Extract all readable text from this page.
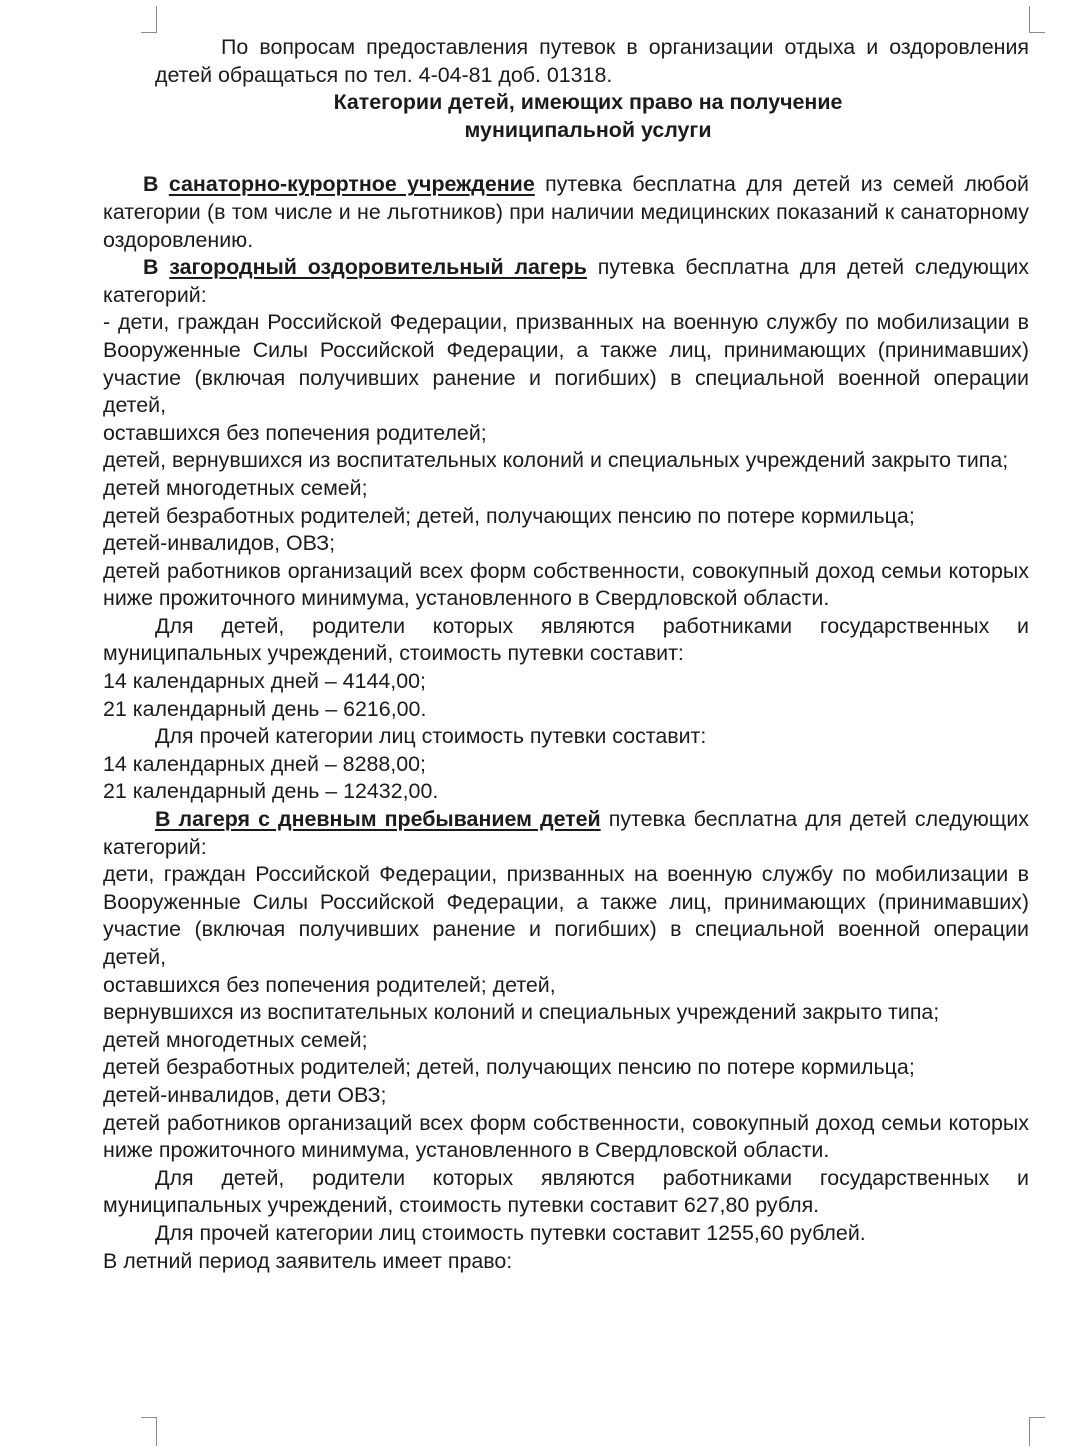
По вопросам предоставления путевок в организации отдыха и оздоровления детей обращаться по тел. 4-04-81 доб. 01318.

Категории детей, имеющих право на получение

муниципальной услуги

В санаторно-курортное учреждение путевка бесплатна для детей из семей любой категории (в том числе и не льготников) при наличии медицинских показаний к санаторному оздоровлению.

В загородный оздоровительный лагерь путевка бесплатна для детей следующих категорий:

- дети, граждан Российской Федерации, призванных на военную службу по мобилизации в Вооруженные Силы Российской Федерации, а также лиц, принимающих (принимавших) участие (включая получивших ранение и погибших) в специальной военной операции детей,

оставшихся без попечения родителей;

детей, вернувшихся из воспитательных колоний и специальных учреждений закрыто типа;

детей многодетных семей;

детей безработных родителей; детей, получающих пенсию по потере кормильца;

детей-инвалидов, ОВЗ;

детей работников организаций всех форм собственности, совокупный доход семьи которых ниже прожиточного минимума, установленного в Свердловской области.

Для детей, родители которых являются работниками государственных и муниципальных учреждений, стоимость путевки составит:

14 календарных дней – 4144,00;

21 календарный день – 6216,00.

Для прочей категории лиц стоимость путевки составит:

14 календарных дней – 8288,00;

21 календарный день – 12432,00.

В лагеря с дневным пребыванием детей путевка бесплатна для детей следующих категорий:

дети, граждан Российской Федерации, призванных на военную службу по мобилизации в Вооруженные Силы Российской Федерации, а также лиц, принимающих (принимавших) участие (включая получивших ранение и погибших) в специальной военной операции детей,

оставшихся без попечения родителей; детей,

вернувшихся из воспитательных колоний и специальных учреждений закрыто типа;

детей многодетных семей;

детей безработных родителей; детей, получающих пенсию по потере кормильца;

детей-инвалидов, дети ОВЗ;

детей работников организаций всех форм собственности, совокупный доход семьи которых ниже прожиточного минимума, установленного в Свердловской области.

Для детей, родители которых являются работниками государственных и муниципальных учреждений, стоимость путевки составит 627,80 рубля.

Для прочей категории лиц стоимость путевки составит 1255,60 рублей.

В летний период заявитель имеет право:
